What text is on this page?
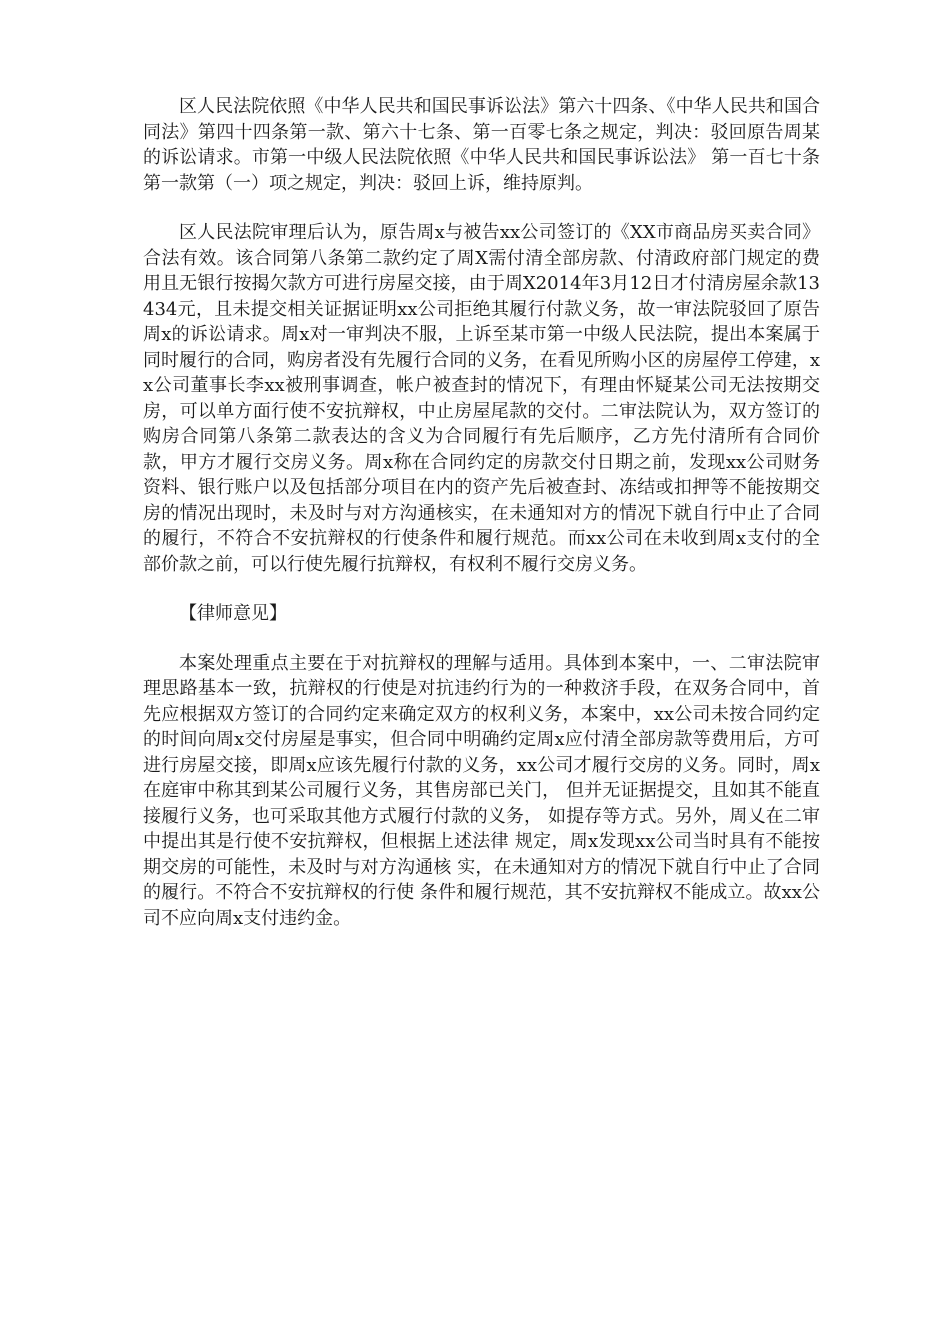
区人民法院依照《中华人民共和国民事诉讼法》第六十四条、《中华人民共和国合同法》第四十四条第一款、第六十七条、第一百零七条之规定，判决：驳回原告周某的诉讼请求。市第一中级人民法院依照《中华人民共和国民事诉讼法》 第一百七十条第一款第（一）项之规定，判决：驳回上诉，维持原判。

区人民法院审理后认为，原告周x与被告xx公司签订的《XX市商品房买卖合同》合法有效。该合同第八条第二款约定了周X需付清全部房款、付清政府部门规定的费用且无银行按揭欠款方可进行房屋交接，由于周X2014年3月12日才付清房屋余款13434元，且未提交相关证据证明xx公司拒绝其履行付款义务，故一审法院驳回了原告周x的诉讼请求。周x对一审判决不服，上诉至某市第一中级人民法院，提出本案属于同时履行的合同，购房者没有先履行合同的义务，在看见所购小区的房屋停工停建，xx公司董事长李xx被刑事调查，帐户被查封的情况下，有理由怀疑某公司无法按期交房，可以单方面行使不安抗辩权，中止房屋尾款的交付。二审法院认为，双方签订的购房合同第八条第二款表达的含义为合同履行有先后顺序，乙方先付清所有合同价款，甲方才履行交房义务。周x称在合同约定的房款交付日期之前，发现xx公司财务资料、银行账户以及包括部分项目在内的资产先后被查封、冻结或扣押等不能按期交房的情况出现时，未及时与对方沟通核实，在未通知对方的情况下就自行中止了合同的履行，不符合不安抗辩权的行使条件和履行规范。而xx公司在未收到周x支付的全部价款之前，可以行使先履行抗辩权，有权利不履行交房义务。

【律师意见】

本案处理重点主要在于对抗辩权的理解与适用。具体到本案中，一、二审法院审理思路基本一致，抗辩权的行使是对抗违约行为的一种救济手段，在双务合同中，首先应根据双方签订的合同约定来确定双方的权利义务，本案中，xx公司未按合同约定的时间向周x交付房屋是事实，但合同中明确约定周x应付清全部房款等费用后，方可进行房屋交接，即周x应该先履行付款的义务，xx公司才履行交房的义务。同时，周x在庭审中称其到某公司履行义务，其售房部已关门， 但并无证据提交，且如其不能直接履行义务，也可采取其他方式履行付款的义务， 如提存等方式。另外，周乂在二审中提出其是行使不安抗辩权，但根据上述法律 规定，周x发现xx公司当时具有不能按期交房的可能性，未及时与对方沟通核 实，在未通知对方的情况下就自行中止了合同的履行。不符合不安抗辩权的行使 条件和履行规范，其不安抗辩权不能成立。故xx公司不应向周x支付违约金。
